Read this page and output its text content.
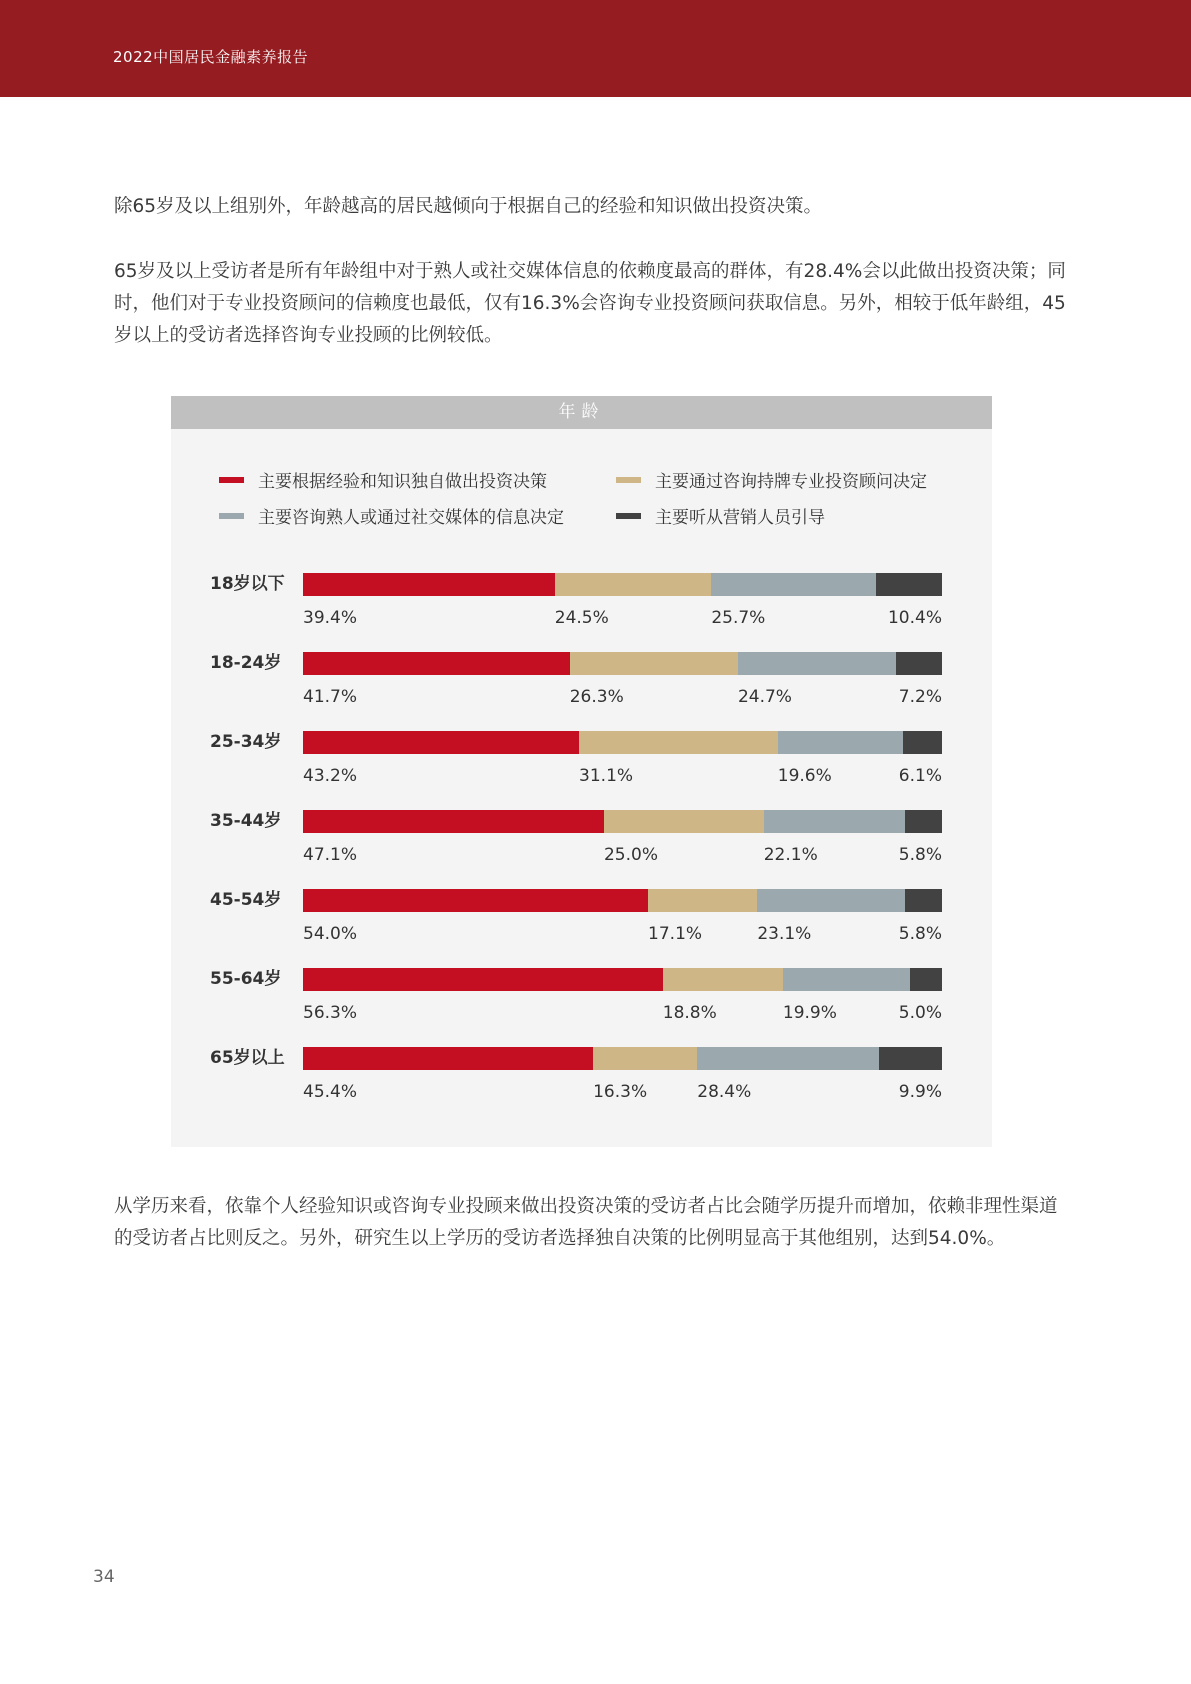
2022中国居民金融素养报告

除65岁及以上组别外，年龄越高的居民越倾向于根据自己的经验和知识做出投资决策。

65岁及以上受访者是所有年龄组中对于熟人或社交媒体信息的依赖度最高的群体，有28.4%会以此做出投资决策；同时，他们对于专业投资顾问的信赖度也最低，仅有16.3%会咨询专业投资顾问获取信息。另外，相较于低年龄组，45岁以上的受访者选择咨询专业投顾的比例较低。

年龄
主要根据经验和知识独自做出投资决策	主要通过咨询持牌专业投资顾问决定
主要咨询熟人或通过社交媒体的信息决定	主要听从营销人员引导
18岁以下
39.4%	24.5%	25.7%	10.4%
18-24岁
41.7%	26.3%	24.7%	7.2%
25-34岁
43.2%	31.1%	19.6%	6.1%
35-44岁
47.1%	25.0%	22.1%	5.8%
45-54岁
54.0%	17.1%	23.1%	5.8%
55-64岁
56.3%	18.8%	19.9%	5.0%
65岁以上
45.4%	16.3%	28.4%	9.9%

从学历来看，依靠个人经验知识或咨询专业投顾来做出投资决策的受访者占比会随学历提升而增加，依赖非理性渠道的受访者占比则反之。另外，研究生以上学历的受访者选择独自决策的比例明显高于其他组别，达到54.0%。

34
